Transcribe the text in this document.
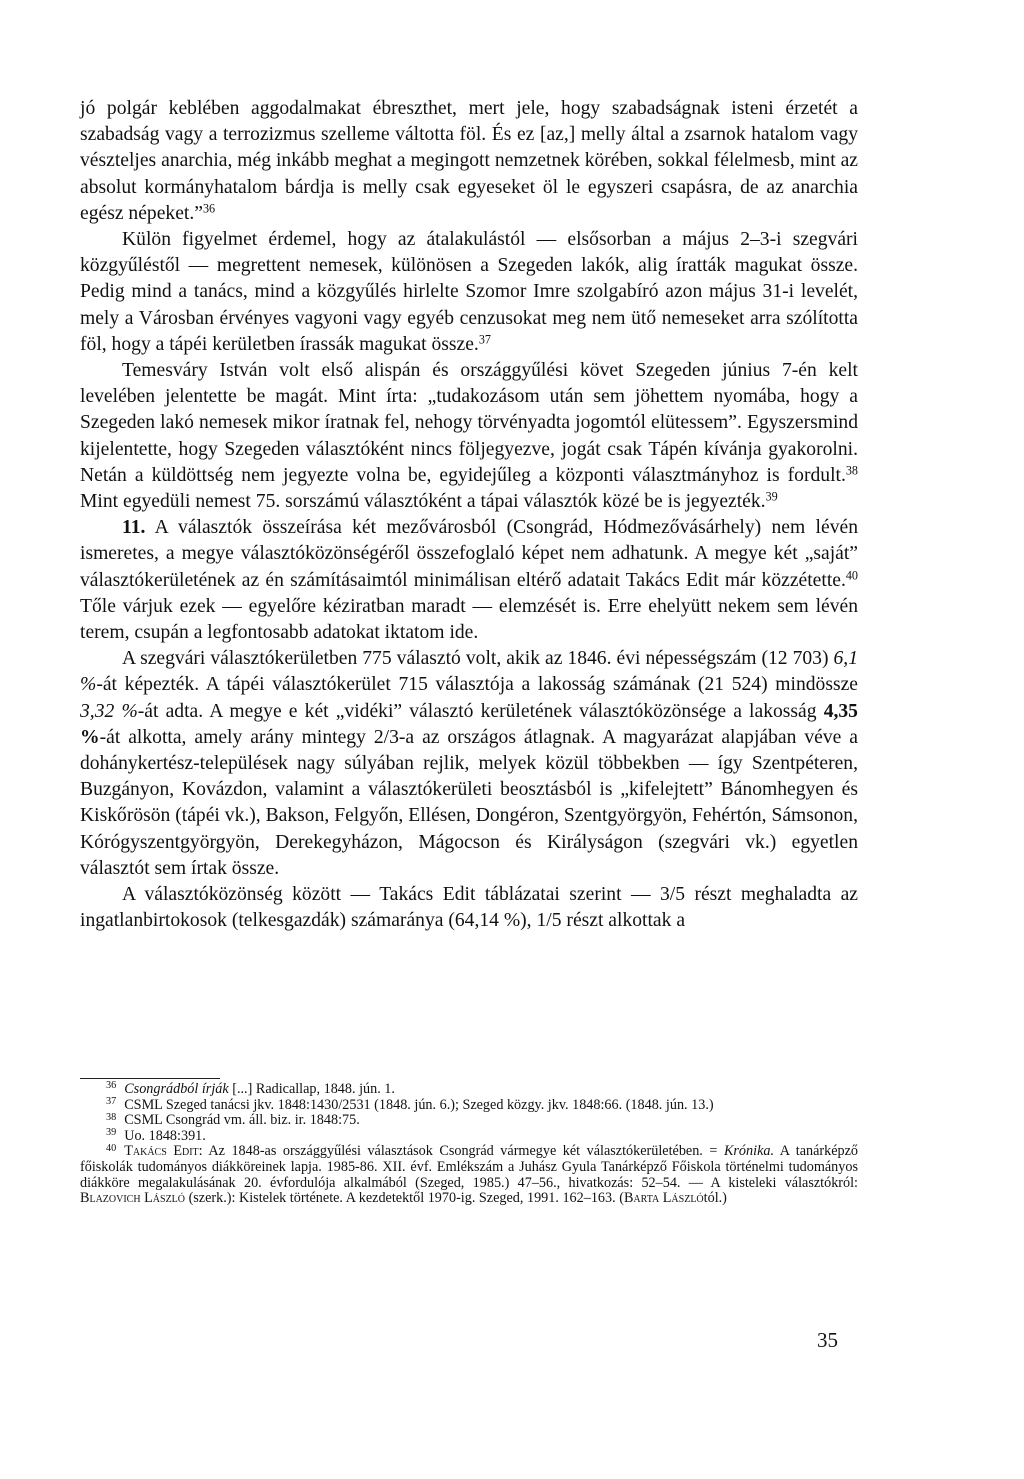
jó polgár keblében aggodalmakat ébreszthet, mert jele, hogy szabadságnak isteni érzetét a szabadság vagy a terrozizmus szelleme váltotta föl. És ez [az,] melly által a zsarnok hatalom vagy vészteljes anarchia, még inkább meghat a megingott nemzetnek körében, sokkal félelmesb, mint az absolut kormányhatalom bárdja is melly csak egyeseket öl le egyszeri csapásra, de az anarchia egész népeket.”$^{36}$

Külön figyelmet érdemel, hogy az átalakulástól — elsősorban a május 2–3-i szegvári közgyűléstől — megrettent nemesek, különösen a Szegeden lakók, alig íratták magukat össze. Pedig mind a tanács, mind a közgyűlés hirlelte Szomor Imre szolgabíró azon május 31-i levelét, mely a Városban érvényes vagyoni vagy egyéb cenzusokat meg nem ütő nemeseket arra szólította föl, hogy a tápéi kerületben írassák magukat össze.$^{37}$

Temesváry István volt első alispán és országgyűlési követ Szegeden június 7-én kelt levelében jelentette be magát. Mint írta: „tudakozásom után sem jöhettem nyomába, hogy a Szegeden lakó nemesek mikor íratnak fel, nehogy törvényadta jogomtól elütessem”. Egyszersmind kijelentette, hogy Szegeden választóként nincs följegyezve, jogát csak Tápén kívánja gyakorolni. Netán a küldöttség nem jegyezte volna be, egyidejűleg a központi választmányhoz is fordult.$^{38}$ Mint egyedüli nemest 75. sorszámú választóként a tápai választók közé be is jegyezték.$^{39}$

11. A választók összeírása két mezővárosból (Csongrád, Hódmezővásárhely) nem lévén ismeretes, a megye választóközönségéről összefoglaló képet nem adhatunk. A megye két „saját” választókerületének az én számításaimtól minimálisan eltérő adatait Takács Edit már közzétette.$^{40}$ Tőle várjuk ezek — egyelőre kéziratban maradt — elemzését is. Erre ehelyütt nekem sem lévén terem, csupán a legfontosabb adatokat iktatom ide.

A szegvári választókerületben 775 választó volt, akik az 1846. évi népességszám (12 703) 6,1 %-át képezték. A tápéi választókerület 715 választója a lakosság számának (21 524) mindössze 3,32 %-át adta. A megye e két „vidéki” választó kerületének választóközönsége a lakosság 4,35 %-át alkotta, amely arány mintegy 2/3-a az országos átlagnak. A magyarázat alapjában véve a dohánykertész-települések nagy súlyában rejlik, melyek közül többekben — így Szentpéteren, Buzgányon, Kovázdon, valamint a választókerületi beosztásból is „kifelejtett” Bánomhegyen és Kiskőrösön (tápéi vk.), Bakson, Felgyőn, Ellésen, Dongéron, Szentgyörgyön, Fehértón, Sámsonon, Kórógyszentgyörgyön, Derekegyházon, Mágocson és Királyságon (szegvári vk.) egyetlen választót sem írtak össze.

A választóközönség között — Takács Edit táblázatai szerint — 3/5 részt meghaladta az ingatlanbirtokosok (telkesgazdák) számaránya (64,14 %), 1/5 részt alkottak a

$^{36}$ Csongrádból írják [...] Radicallap, 1848. jún. 1.

$^{37}$ CSML Szeged tanácsi jkv. 1848:1430/2531 (1848. jún. 6.); Szeged közgy. jkv. 1848:66. (1848. jún. 13.)

$^{38}$ CSML Csongrád vm. áll. biz. ir. 1848:75.

$^{39}$ Uo. 1848:391.

$^{40}$ Takács Edit: Az 1848-as országgyűlési választások Csongrád vármegye két választókerületében. = Krónika. A tanárképző főiskolák tudományos diákköreinek lapja. 1985-86. XII. évf. Emlékszám a Juhász Gyula Tanárképző Főiskola történelmi tudományos diákköre megalakulásának 20. évfordulója alkalmából (Szeged, 1985.) 47–56., hivatkozás: 52–54. — A kisteleki választókról: Blazovich László (szerk.): Kistelek története. A kezdetektől 1970-ig. Szeged, 1991. 162–163. (Barta Lászlótól.)

35
